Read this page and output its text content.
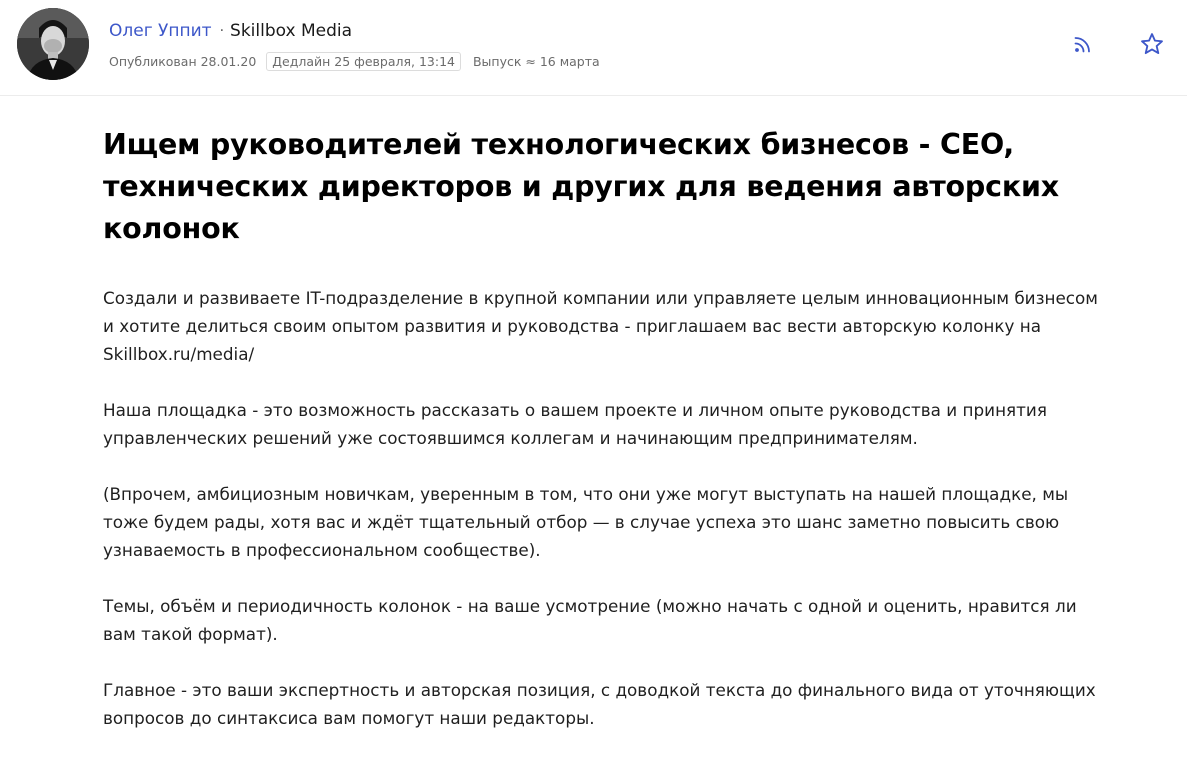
Олег Уппит · Skillbox Media
Опубликован 28.01.20	Дедлайн 25 февраля, 13:14	Выпуск ≈ 16 марта
Ищем руководителей технологических бизнесов - CEO, технических директоров и других для ведения авторских колонок

Создали и развиваете IT-подразделение в крупной компании или управляете целым инновационным бизнесом и хотите делиться своим опытом развития и руководства - приглашаем вас вести авторскую колонку на Skillbox.ru/media/

Наша площадка - это возможность рассказать о вашем проекте и личном опыте руководства и принятия управленческих решений уже состоявшимся коллегам и начинающим предпринимателям.

(Впрочем, амбициозным новичкам, уверенным в том, что они уже могут выступать на нашей площадке, мы тоже будем рады, хотя вас и ждёт тщательный отбор — в случае успеха это шанс заметно повысить свою узнаваемость в профессиональном сообществе).

Темы, объём и периодичность колонок - на ваше усмотрение (можно начать с одной и оценить, нравится ли вам такой формат).

Главное - это ваши экспертность и авторская позиция, с доводкой текста до финального вида от уточняющих вопросов до синтаксиса вам помогут наши редакторы.
